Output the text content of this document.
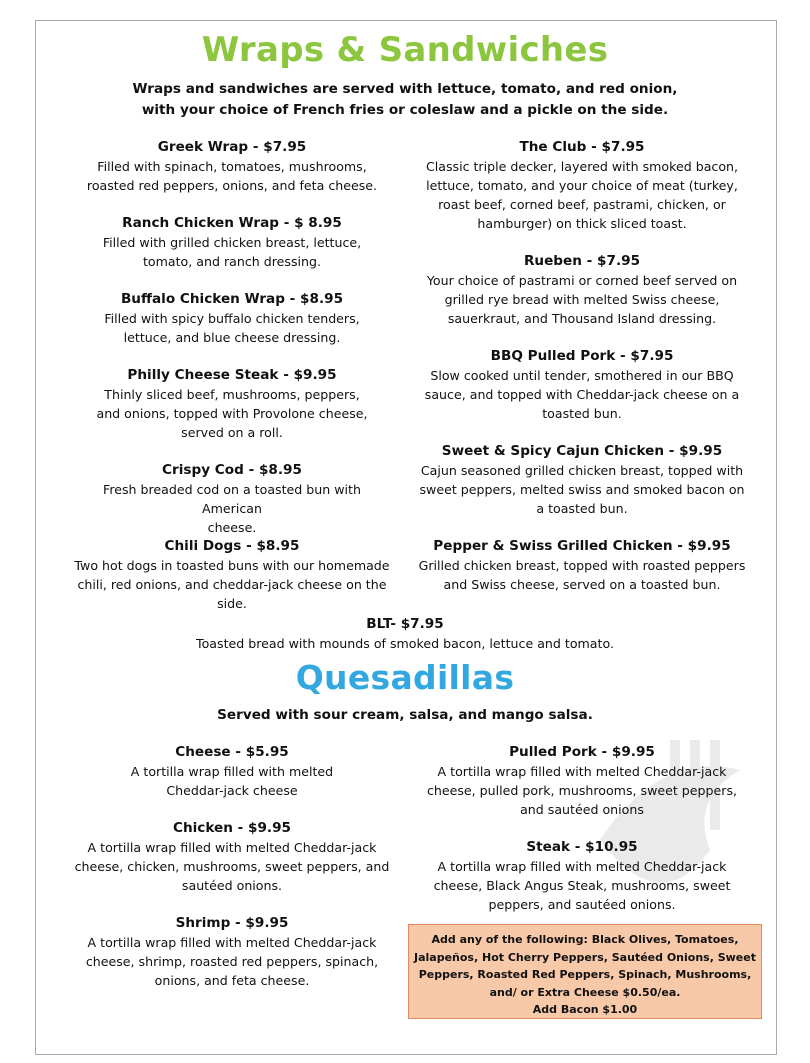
Wraps & Sandwiches
Wraps and sandwiches are served with lettuce, tomato, and red onion,
with your choice of French fries or coleslaw and a pickle on the side.
Greek Wrap - $7.95
Filled with spinach, tomatoes, mushrooms,
roasted red peppers, onions, and feta cheese.
Ranch Chicken Wrap - $ 8.95
Filled with grilled chicken breast, lettuce,
tomato, and ranch dressing.
Buffalo Chicken Wrap - $8.95
Filled with spicy buffalo chicken tenders,
lettuce, and blue cheese dressing.
Philly Cheese Steak - $9.95
Thinly sliced beef, mushrooms, peppers,
and onions, topped with Provolone cheese,
served on a roll.
Crispy Cod - $8.95
Fresh breaded cod on a toasted bun with American
cheese.
Chili Dogs - $8.95
Two hot dogs in toasted buns with our homemade
chili, red onions, and cheddar-jack cheese on the
side.
The Club - $7.95
Classic triple decker, layered with smoked bacon,
lettuce, tomato, and your choice of meat (turkey,
roast beef, corned beef, pastrami, chicken, or
hamburger) on thick sliced toast.
Rueben - $7.95
Your choice of pastrami or corned beef served on
grilled rye bread with melted Swiss cheese,
sauerkraut, and Thousand Island dressing.
BBQ Pulled Pork - $7.95
Slow cooked until tender, smothered in our BBQ
sauce, and topped with Cheddar-jack cheese on a
toasted bun.
Sweet & Spicy Cajun Chicken - $9.95
Cajun seasoned grilled chicken breast, topped with
sweet peppers, melted swiss and smoked bacon on
a toasted bun.
Pepper & Swiss Grilled Chicken - $9.95
Grilled chicken breast, topped with roasted peppers
and Swiss cheese, served on a toasted bun.
BLT- $7.95
Toasted bread with mounds of smoked bacon, lettuce and tomato.
Quesadillas
Served with sour cream, salsa, and mango salsa.
Cheese - $5.95
A tortilla wrap filled with melted
Cheddar-jack cheese
Chicken - $9.95
A tortilla wrap filled with melted Cheddar-jack
cheese, chicken, mushrooms, sweet peppers, and
sautéed onions.
Shrimp - $9.95
A tortilla wrap filled with melted Cheddar-jack
cheese, shrimp, roasted red peppers, spinach,
onions, and feta cheese.
Pulled Pork - $9.95
A tortilla wrap filled with melted Cheddar-jack
cheese, pulled pork, mushrooms, sweet peppers,
and sautéed onions
Steak - $10.95
A tortilla wrap filled with melted Cheddar-jack
cheese, Black Angus Steak, mushrooms, sweet
peppers, and sautéed onions.
Add any of the following: Black Olives, Tomatoes,
Jalapeños, Hot Cherry Peppers, Sautéed Onions, Sweet
Peppers, Roasted Red Peppers, Spinach, Mushrooms,
and/ or Extra Cheese $0.50/ea.
Add Bacon $1.00
